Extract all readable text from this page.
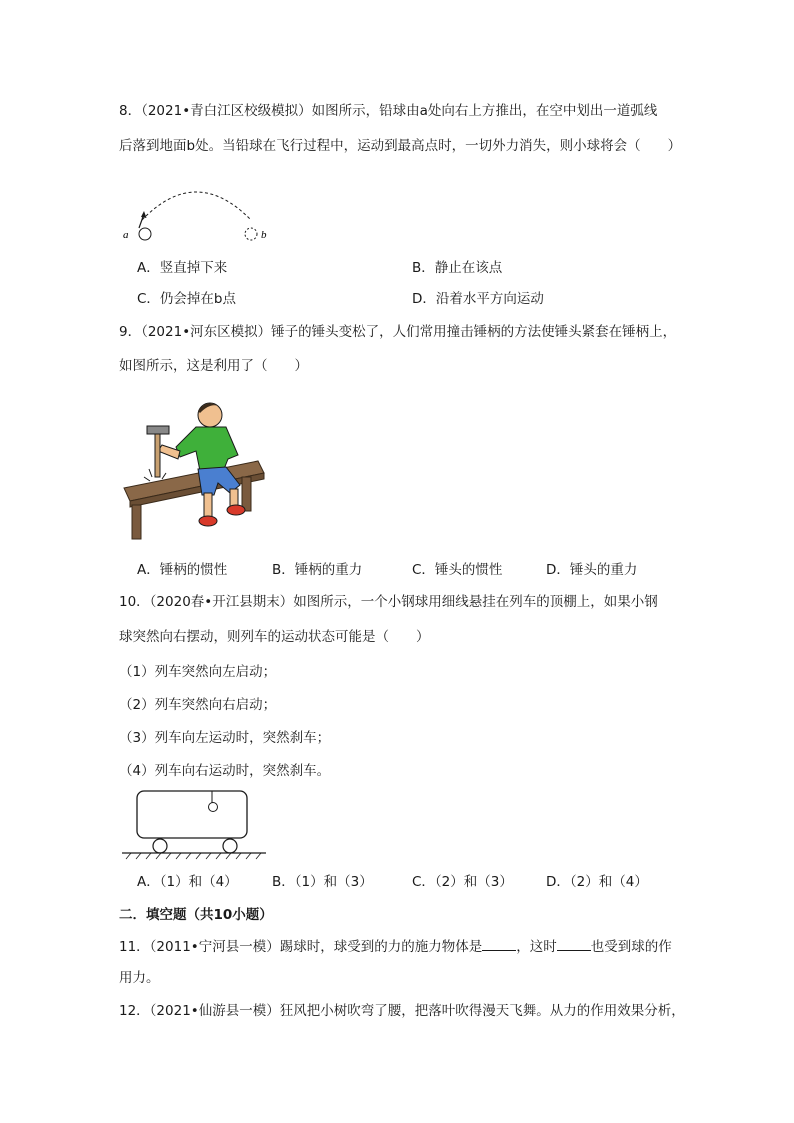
8．（2021•青白江区校级模拟）如图所示，铅球由a处向右上方推出，在空中划出一道弧线
后落到地面b处。当铅球在飞行过程中，运动到最高点时，一切外力消失，则小球将会（　　）
a	b
A．竖直掉下来	B．静止在该点
C．仍会掉在b点	D．沿着水平方向运动
9．（2021•河东区模拟）锤子的锤头变松了，人们常用撞击锤柄的方法使锤头紧套在锤柄上，
如图所示，这是利用了（　　）
A．锤柄的惯性	B．锤柄的重力	C．锤头的惯性	D．锤头的重力
10．（2020春•开江县期末）如图所示，一个小钢球用细线悬挂在列车的顶棚上，如果小钢
球突然向右摆动，则列车的运动状态可能是（　　）
（1）列车突然向左启动；
（2）列车突然向右启动；
（3）列车向左运动时，突然刹车；
（4）列车向右运动时，突然刹车。
A．（1）和（4）	B．（1）和（3）	C．（2）和（3） D．（2）和（4）
二．填空题（共10小题）
11．（2011•宁河县一模）踢球时，球受到的力的施力物体是	，这时	也受到球的作
用力。
12．（2021•仙游县一模）狂风把小树吹弯了腰，把落叶吹得漫天飞舞。从力的作用效果分析，
